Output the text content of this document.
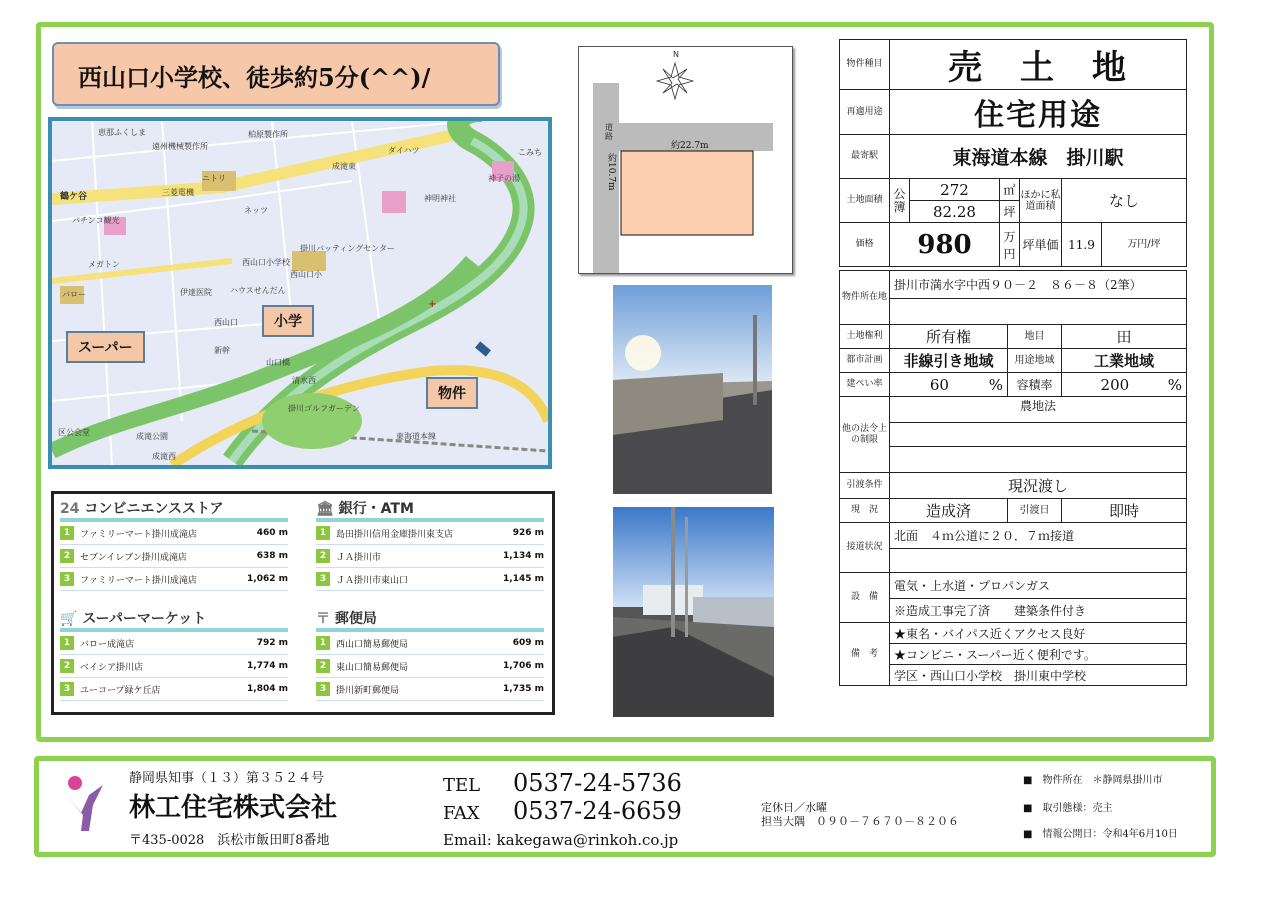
西山口小学校、徒歩約5分(^^)/
+
恵那ふくしま
遠州機械製作所
柏原製作所
ダイハツ
成滝東
ニトリ
三菱電機
こみち
神子の湯
神明神社
鶴ケ谷
パチンコ観光
ネッツ
西山口小学校
掛川バッティングセンター
メガトン
伊達医院 ハウスせんだん
西山口小
バロー
西山口
新幹
山口橋
清水西
掛川ゴルフガーデン
東海道本線
成滝公園
成滝西
区公会堂
スーパー
小学
物件
24 コンビニエンスストア
1	ファミリーマート掛川成滝店	460 m
2	セブンイレブン掛川成滝店	638 m
3	ファミリーマート掛川成滝店	1,062 m
🏛 銀行・ATM
1	島田掛川信用金庫掛川東支店	926 m
2	ＪＡ掛川市	1,134 m
3	ＪＡ掛川市東山口	1,145 m
🛒 スーパーマーケット
1	バロー成滝店	792 m
2	ベイシア掛川店	1,774 m
3	ユーコープ緑ケ丘店	1,804 m
〒 郵便局
1	西山口簡易郵便局	609 m
2	東山口簡易郵便局	1,706 m
3	掛川新町郵便局	1,735 m
N
道路
約22.7m
約10.7m
物件種目	売　土　地					
再適用途	住宅用途					
最寄駅	東海道本線　掛川駅					
土地面積	公簿	272	㎡	ほかに私道面積	なし	
		82.28	坪			
価格	980		万円	坪単価	11.9	万円/坪
物件所在地	掛川市満水字中西９０－２　８６－８（2筆）		

土地権利	所有権	地目	田
都市計画	非線引き地域	用途地域	工業地域
建ぺい率	60 %	容積率	200 %

他の法令上の制限	農地法		

引渡条件	現況渡し		
現　況	造成済	引渡日	即時
接道状況	北面　４ｍ公道に２０．７ｍ接道		

設　備	電気・上水道・プロパンガス		
	※造成工事完了済　　建築条件付き		
備　考	★東名・バイパス近くアクセス良好		
	★コンビニ・スーパー近く便利です。		
	学区・西山口小学校　掛川東中学校		
静岡県知事（１３）第３５２４号
林工住宅株式会社
〒435-0028　浜松市飯田町8番地
TEL 0537-24-5736
FAX 0537-24-6659
Email: kakegawa@rinkoh.co.jp
定休日／水曜
担当大隅　０９０－７６７０－８２０６
■　物件所在　＊静岡県掛川市
■　取引態様：売主
■　情報公開日：令和4年6月10日
